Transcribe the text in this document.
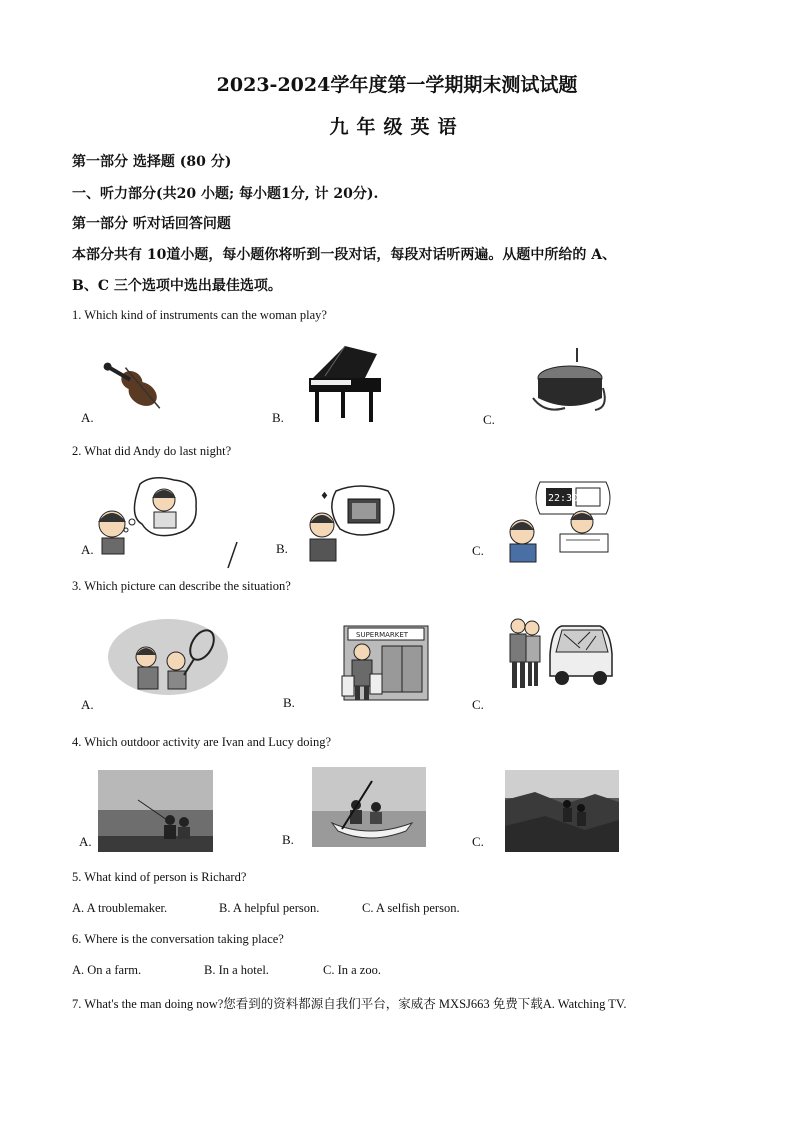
2023-2024学年度第一学期期末测试试题
九年级英语
第一部分 选择题 (80 分)
一、听力部分(共20 小题; 每小题1分, 计 20分).
第一部分 听对话回答问题
本部分共有 10道小题，每小题你将听到一段对话，每段对话听两遍。从题中所给的 A、
B、C 三个选项中选出最佳选项。
1. Which kind of instruments can the woman play?
A.	B.	C.
2. What did Andy do last night?
A.	B.	C.
♦	22:30
3. Which picture can describe the situation?
A.	B.	C.
SUPERMARKET
4. Which outdoor activity are Ivan and Lucy doing?
A.	B.	C.
5. What kind of person is Richard?
A. A troublemaker.	B. A helpful person.	C. A selfish person.
6. Where is the conversation taking place?
A. On a farm.	B. In a hotel.	C. In a zoo.
7. What's the man doing now?您看到的资料都源自我们平台，家威杏 MXSJ663 免费下载A. Watching TV.
